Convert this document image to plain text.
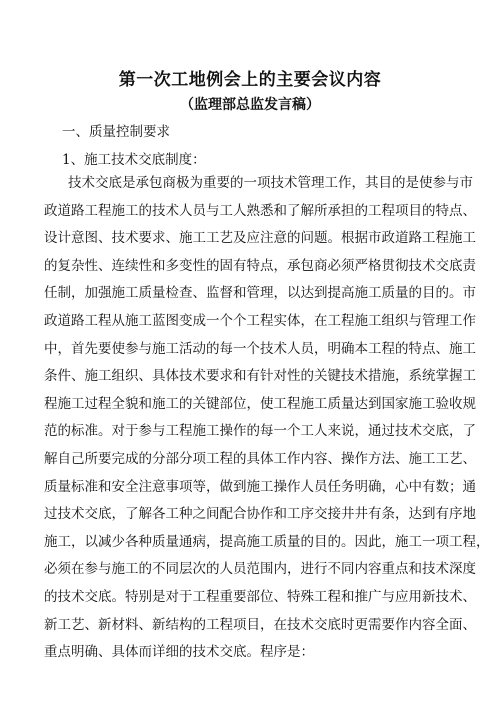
第一次工地例会上的主要会议内容
（监理部总监发言稿）
一、质量控制要求
1、施工技术交底制度：
技术交底是承包商极为重要的一项技术管理工作，其目的是使参与市
政道路工程施工的技术人员与工人熟悉和了解所承担的工程项目的特点、
设计意图、技术要求、施工工艺及应注意的问题。根据市政道路工程施工
的复杂性、连续性和多变性的固有特点，承包商必须严格贯彻技术交底责
任制，加强施工质量检查、监督和管理，以达到提高施工质量的目的。市
政道路工程从施工蓝图变成一个个工程实体，在工程施工组织与管理工作
中，首先要使参与施工活动的每一个技术人员，明确本工程的特点、施工
条件、施工组织、具体技术要求和有针对性的关键技术措施，系统掌握工
程施工过程全貌和施工的关键部位，使工程施工质量达到国家施工验收规
范的标准。对于参与工程施工操作的每一个工人来说，通过技术交底，了
解自己所要完成的分部分项工程的具体工作内容、操作方法、施工工艺、
质量标准和安全注意事项等，做到施工操作人员任务明确，心中有数；通
过技术交底，了解各工种之间配合协作和工序交接井井有条，达到有序地
施工，以减少各种质量通病，提高施工质量的目的。因此，施工一项工程，
必须在参与施工的不同层次的人员范围内，进行不同内容重点和技术深度
的技术交底。特别是对于工程重要部位、特殊工程和推广与应用新技术、
新工艺、新材料、新结构的工程项目，在技术交底时更需要作内容全面、
重点明确、具体而详细的技术交底。程序是：
